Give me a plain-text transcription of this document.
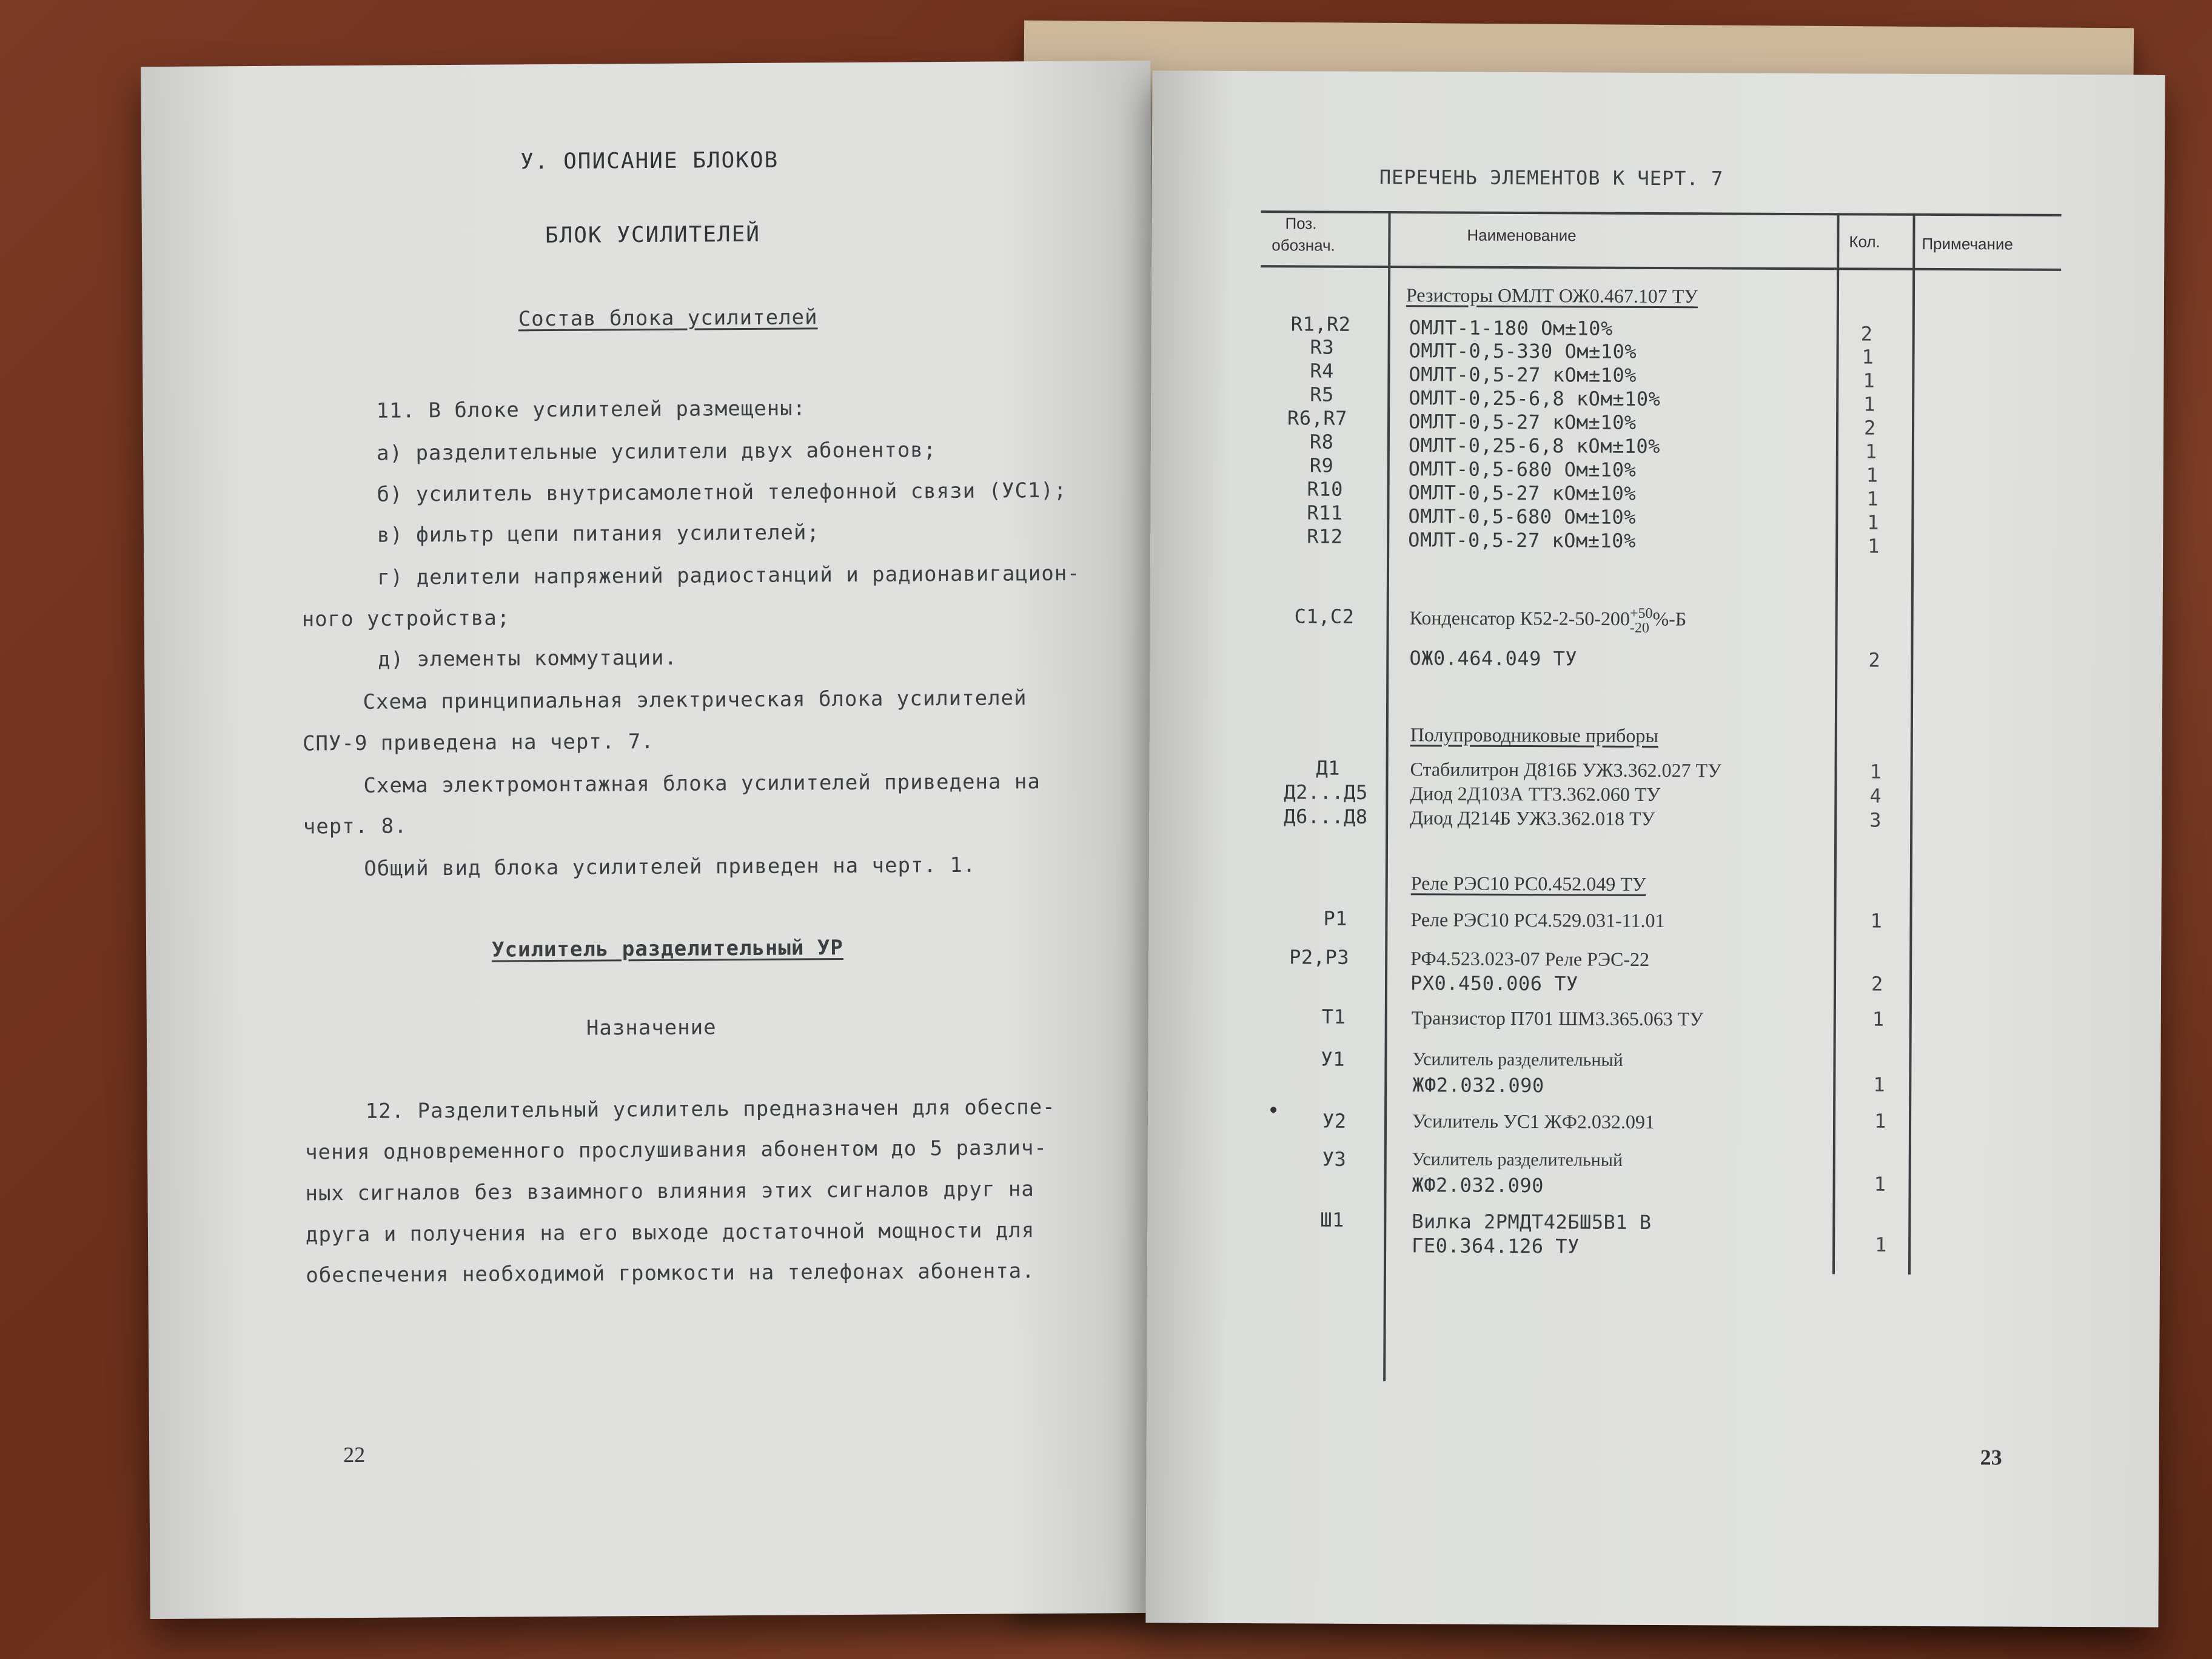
У. ОПИСАНИЕ БЛОКОВ
БЛОК УСИЛИТЕЛЕЙ
Состав блока усилителей
11. В блоке усилителей размещены:
а) разделительные усилители двух абонентов;
б) усилитель внутрисамолетной телефонной связи (УС1);
в) фильтр цепи питания усилителей;
г) делители напряжений радиостанций и радионавигацион-
ного устройства;
д) элементы коммутации.
Схема принципиальная электрическая блока усилителей
СПУ-9 приведена на черт. 7.
Схема электромонтажная блока усилителей приведена на
черт. 8.
Общий вид блока усилителей приведен на черт. 1.
Усилитель разделительный УР
Назначение
12. Разделительный усилитель предназначен для обеспе-
чения одновременного прослушивания абонентом до 5 различ-
ных сигналов без взаимного влияния этих сигналов друг на
друга и получения на его выходе достаточной мощности для
обеспечения необходимой громкости на телефонах абонента.
22
ПЕРЕЧЕНЬ ЭЛЕМЕНТОВ К ЧЕРТ. 7
Поз.
обознач.
Наименование	Кол.	Примечание
Резисторы ОМЛТ ОЖ0.467.107 ТУ
R1,R2	ОМЛТ-1-180 Ом±10%	2
R3	ОМЛТ-0,5-330 Ом±10%	1
R4	ОМЛТ-0,5-27 кОм±10%	1
R5	ОМЛТ-0,25-6,8 кОм±10%	1
R6,R7	ОМЛТ-0,5-27 кОм±10%	2
R8	ОМЛТ-0,25-6,8 кОм±10%	1
R9	ОМЛТ-0,5-680 Ом±10%	1
R10	ОМЛТ-0,5-27 кОм±10%	1
R11	ОМЛТ-0,5-680 Ом±10%	1
R12	ОМЛТ-0,5-27 кОм±10%	1
C1,C2	Конденсатор К52-2-50-200 +50
-20 %-Б
ОЖ0.464.049 ТУ	2
Полупроводниковые приборы
Д1	Стабилитрон Д816Б УЖ3.362.027 ТУ	1
Д2...Д5 Диод 2Д103А ТТ3.362.060 ТУ	4
Д6...Д8 Диод Д214Б УЖ3.362.018 ТУ	3
Реле РЭС10 РС0.452.049 ТУ
Р1	Реле РЭС10 РС4.529.031-11.01	1
Р2,Р3	РФ4.523.023-07 Реле РЭС-22
РХ0.450.006 ТУ	2
Т1	Транзистор П701 ШМ3.365.063 ТУ	1
У1	Усилитель разделительный
ЖФ2.032.090	1
У2	Усилитель УС1 ЖФ2.032.091	1
У3	Усилитель разделительный
ЖФ2.032.090	1
Ш1	Вилка 2РМДТ42БШ5В1 В
ГЕ0.364.126 ТУ	1
23
